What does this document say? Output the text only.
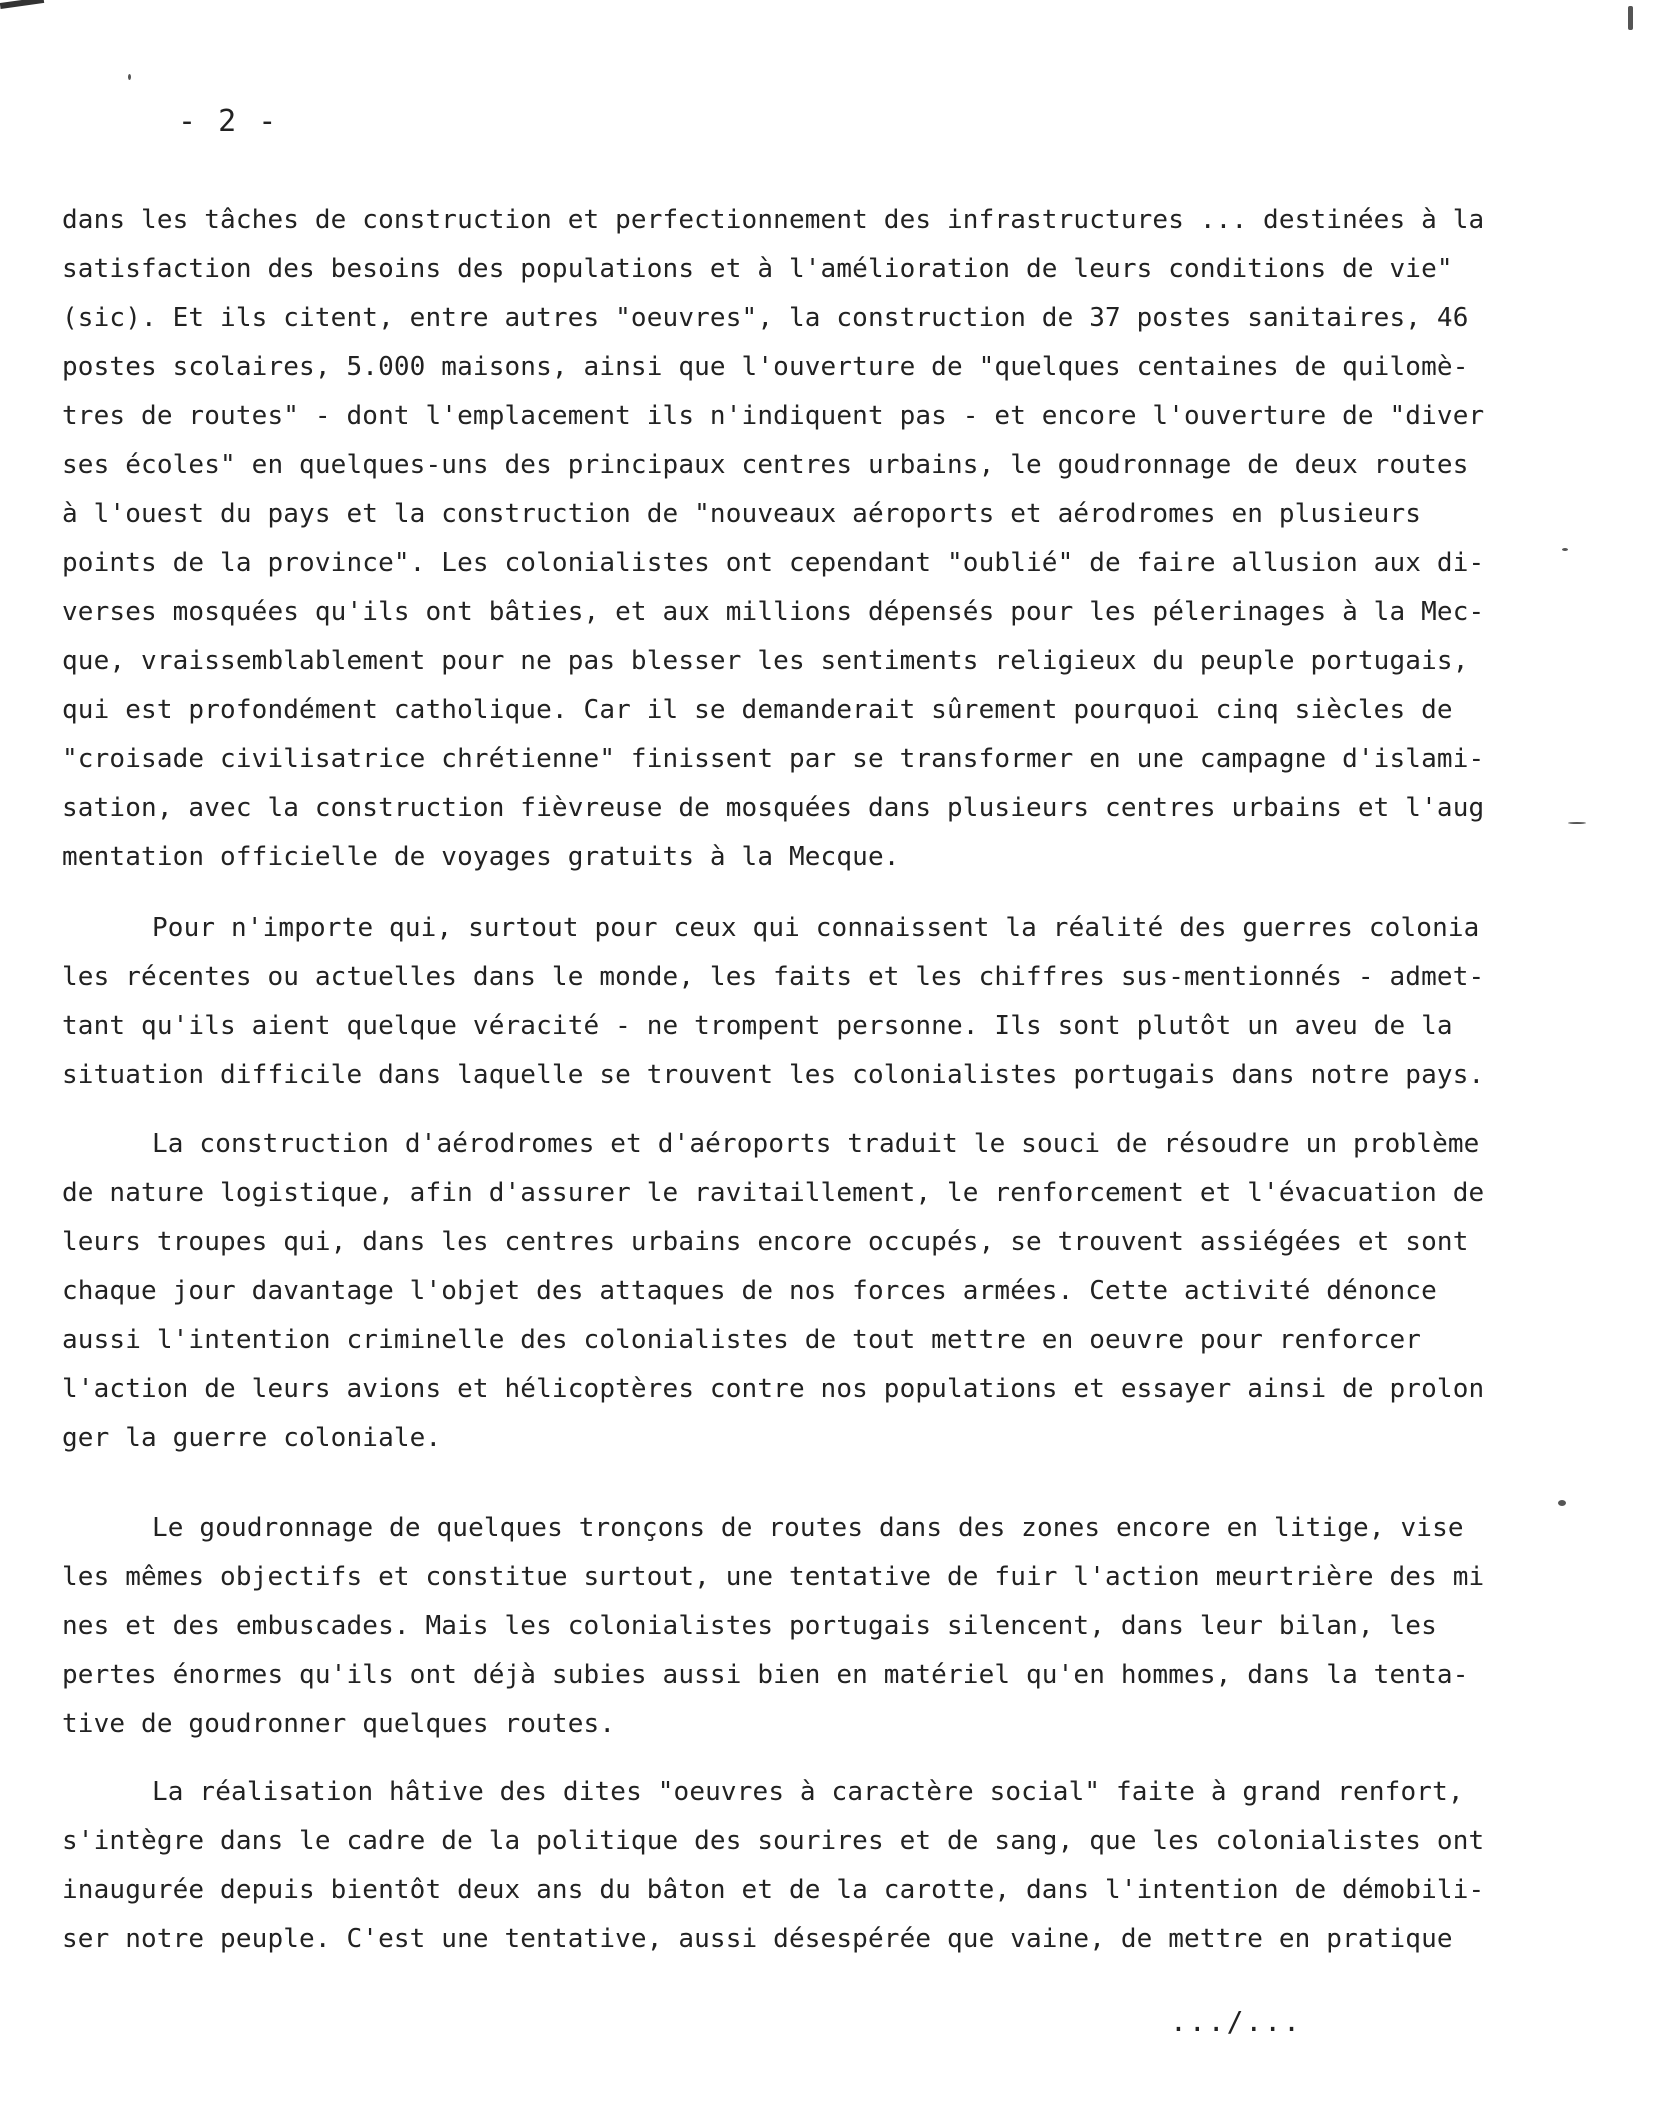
- 2 -
dans les tâches de construction et perfectionnement des infrastructures ... destinées à la
satisfaction des besoins des populations et à l'amélioration de leurs conditions de vie"
(sic). Et ils citent, entre autres "oeuvres", la construction de 37 postes sanitaires, 46
postes scolaires, 5.000 maisons, ainsi que l'ouverture de "quelques centaines de quilomè-
tres de routes" - dont l'emplacement ils n'indiquent pas - et encore l'ouverture de "diver
ses écoles" en quelques-uns des principaux centres urbains, le goudronnage de deux routes
à l'ouest du pays et la construction de "nouveaux aéroports et aérodromes en plusieurs
points de la province". Les colonialistes ont cependant "oublié" de faire allusion aux di-
verses mosquées qu'ils ont bâties, et aux millions dépensés pour les pélerinages à la Mec-
que, vraissemblablement pour ne pas blesser les sentiments religieux du peuple portugais,
qui est profondément catholique. Car il se demanderait sûrement pourquoi cinq siècles de
"croisade civilisatrice chrétienne" finissent par se transformer en une campagne d'islami-
sation, avec la construction fièvreuse de mosquées dans plusieurs centres urbains et l'aug
mentation officielle de voyages gratuits à la Mecque.
Pour n'importe qui, surtout pour ceux qui connaissent la réalité des guerres colonia
les récentes ou actuelles dans le monde, les faits et les chiffres sus-mentionnés - admet-
tant qu'ils aient quelque véracité - ne trompent personne. Ils sont plutôt un aveu de la
situation difficile dans laquelle se trouvent les colonialistes portugais dans notre pays.
La construction d'aérodromes et d'aéroports traduit le souci de résoudre un problème
de nature logistique, afin d'assurer le ravitaillement, le renforcement et l'évacuation de
leurs troupes qui, dans les centres urbains encore occupés, se trouvent assiégées et sont
chaque jour davantage l'objet des attaques de nos forces armées. Cette activité dénonce
aussi l'intention criminelle des colonialistes de tout mettre en oeuvre pour renforcer
l'action de leurs avions et hélicoptères contre nos populations et essayer ainsi de prolon
ger la guerre coloniale.
Le goudronnage de quelques tronçons de routes dans des zones encore en litige, vise
les mêmes objectifs et constitue surtout, une tentative de fuir l'action meurtrière des mi
nes et des embuscades. Mais les colonialistes portugais silencent, dans leur bilan, les
pertes énormes qu'ils ont déjà subies aussi bien en matériel qu'en hommes, dans la tenta-
tive de goudronner quelques routes.
La réalisation hâtive des dites "oeuvres à caractère social" faite à grand renfort,
s'intègre dans le cadre de la politique des sourires et de sang, que les colonialistes ont
inaugurée depuis bientôt deux ans du bâton et de la carotte, dans l'intention de démobili-
ser notre peuple. C'est une tentative, aussi désespérée que vaine, de mettre en pratique
.../...
